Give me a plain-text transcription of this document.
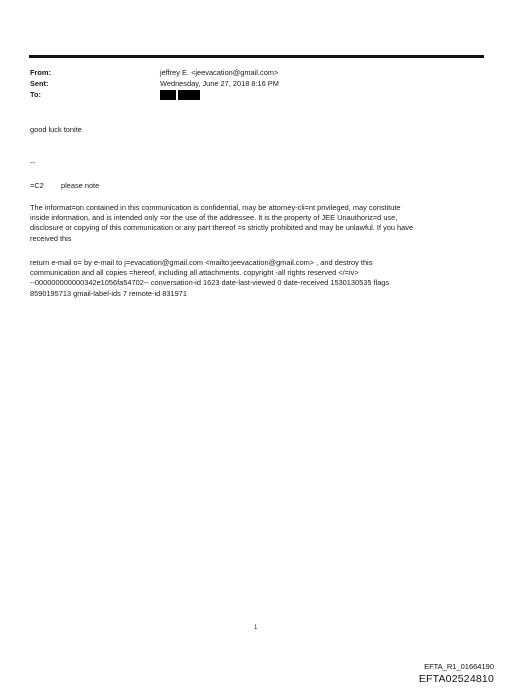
From:	jeffrey E. <jeevacation@gmail.com>
Sent:	Wednesday, June 27, 2018 8:16 PM
To:
good luck tonite
--
=C2 please note
The informat=on contained in this communication is confidential, may be attorney-cli=nt privileged, may constitute
inside information, and is intended only =or the use of the addressee. It is the property of JEE Unauthoriz=d use,
disclosure or copying of this communication or any part thereof =s strictly prohibited and may be unlawful. If you have
received this
return e-mail o= by e-mail to j=evacation@gmail.com <mailto:jeevacation@gmail.com> , and destroy this
communication and all copies =hereof, including all attachments. copyright -all rights reserved </=iv>
--000000000000342e1056fa54702-- conversation-id 1623 date-last-viewed 0 date-received 1530130535 flags
8590195713 gmail-label-ids 7 remote-id 831971
1
EFTA_R1_01664190
EFTA02524810
